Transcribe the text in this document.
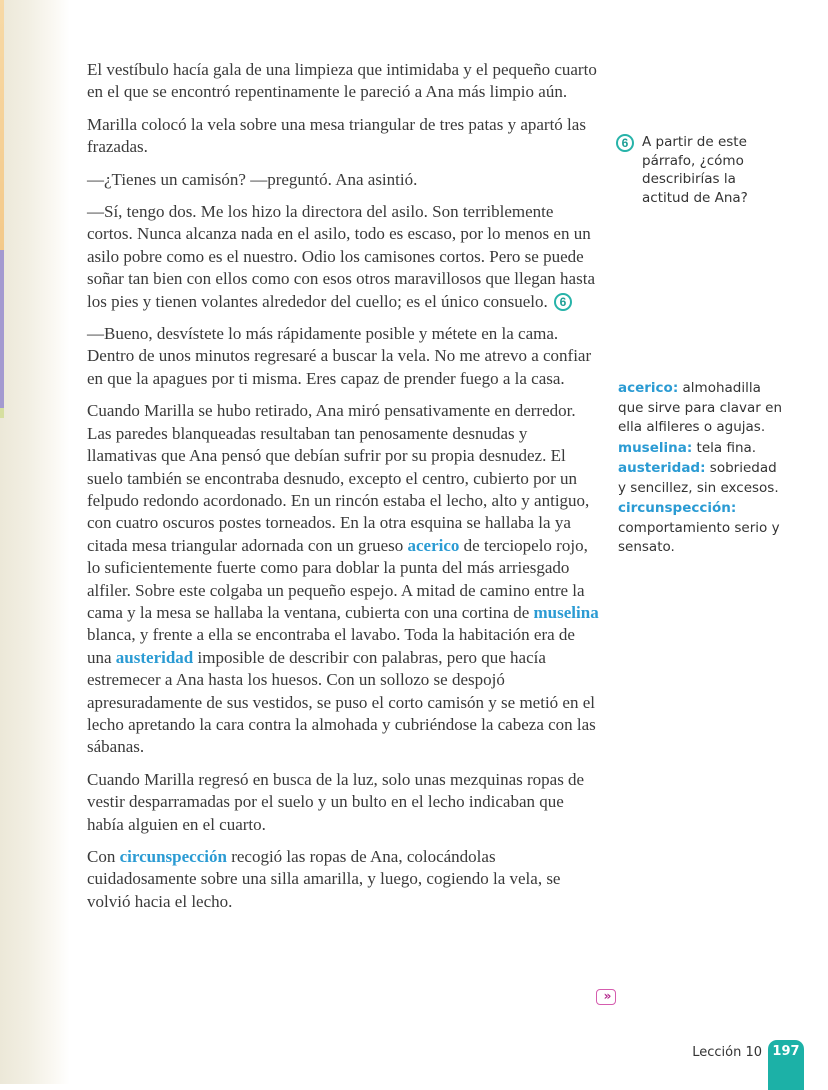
El vestíbulo hacía gala de una limpieza que intimidaba y el pequeño cuarto en el que se encontró repentinamente le pareció a Ana más limpio aún.

Marilla colocó la vela sobre una mesa triangular de tres patas y apartó las frazadas.

—¿Tienes un camisón? —preguntó. Ana asintió.

—Sí, tengo dos. Me los hizo la directora del asilo. Son terriblemente cortos. Nunca alcanza nada en el asilo, todo es escaso, por lo menos en un asilo pobre como es el nuestro. Odio los camisones cortos. Pero se puede soñar tan bien con ellos como con esos otros maravillosos que llegan hasta los pies y tienen volantes alrededor del cuello; es el único consuelo. 6

—Bueno, desvístete lo más rápidamente posible y métete en la cama. Dentro de unos minutos regresaré a buscar la vela. No me atrevo a confiar en que la apagues por ti misma. Eres capaz de prender fuego a la casa.

Cuando Marilla se hubo retirado, Ana miró pensativamente en derredor. Las paredes blanqueadas resultaban tan penosamente desnudas y llamativas que Ana pensó que debían sufrir por su propia desnudez. El suelo también se encontraba desnudo, excepto el centro, cubierto por un felpudo redondo acordonado. En un rincón estaba el lecho, alto y antiguo, con cuatro oscuros postes torneados. En la otra esquina se hallaba la ya citada mesa triangular adornada con un grueso acerico de terciopelo rojo, lo suficientemente fuerte como para doblar la punta del más arriesgado alfiler. Sobre este colgaba un pequeño espejo. A mitad de camino entre la cama y la mesa se hallaba la ventana, cubierta con una cortina de muselina blanca, y frente a ella se encontraba el lavabo. Toda la habitación era de una austeridad imposible de describir con palabras, pero que hacía estremecer a Ana hasta los huesos. Con un sollozo se despojó apresuradamente de sus vestidos, se puso el corto camisón y se metió en el lecho apretando la cara contra la almohada y cubriéndose la cabeza con las sábanas.

Cuando Marilla regresó en busca de la luz, solo unas mezquinas ropas de vestir desparramadas por el suelo y un bulto en el lecho indicaban que había alguien en el cuarto.

Con circunspección recogió las ropas de Ana, colocándolas cuidadosamente sobre una silla amarilla, y luego, cogiendo la vela, se volvió hacia el lecho.

6	A partir de este párrafo, ¿cómo describirías la actitud de Ana?
acerico: almohadilla que sirve para clavar en ella alfileres o agujas.
muselina: tela fina.
austeridad: sobriedad y sencillez, sin excesos.
circunspección:
comportamiento serio y sensato.
»
Lección 10 197
